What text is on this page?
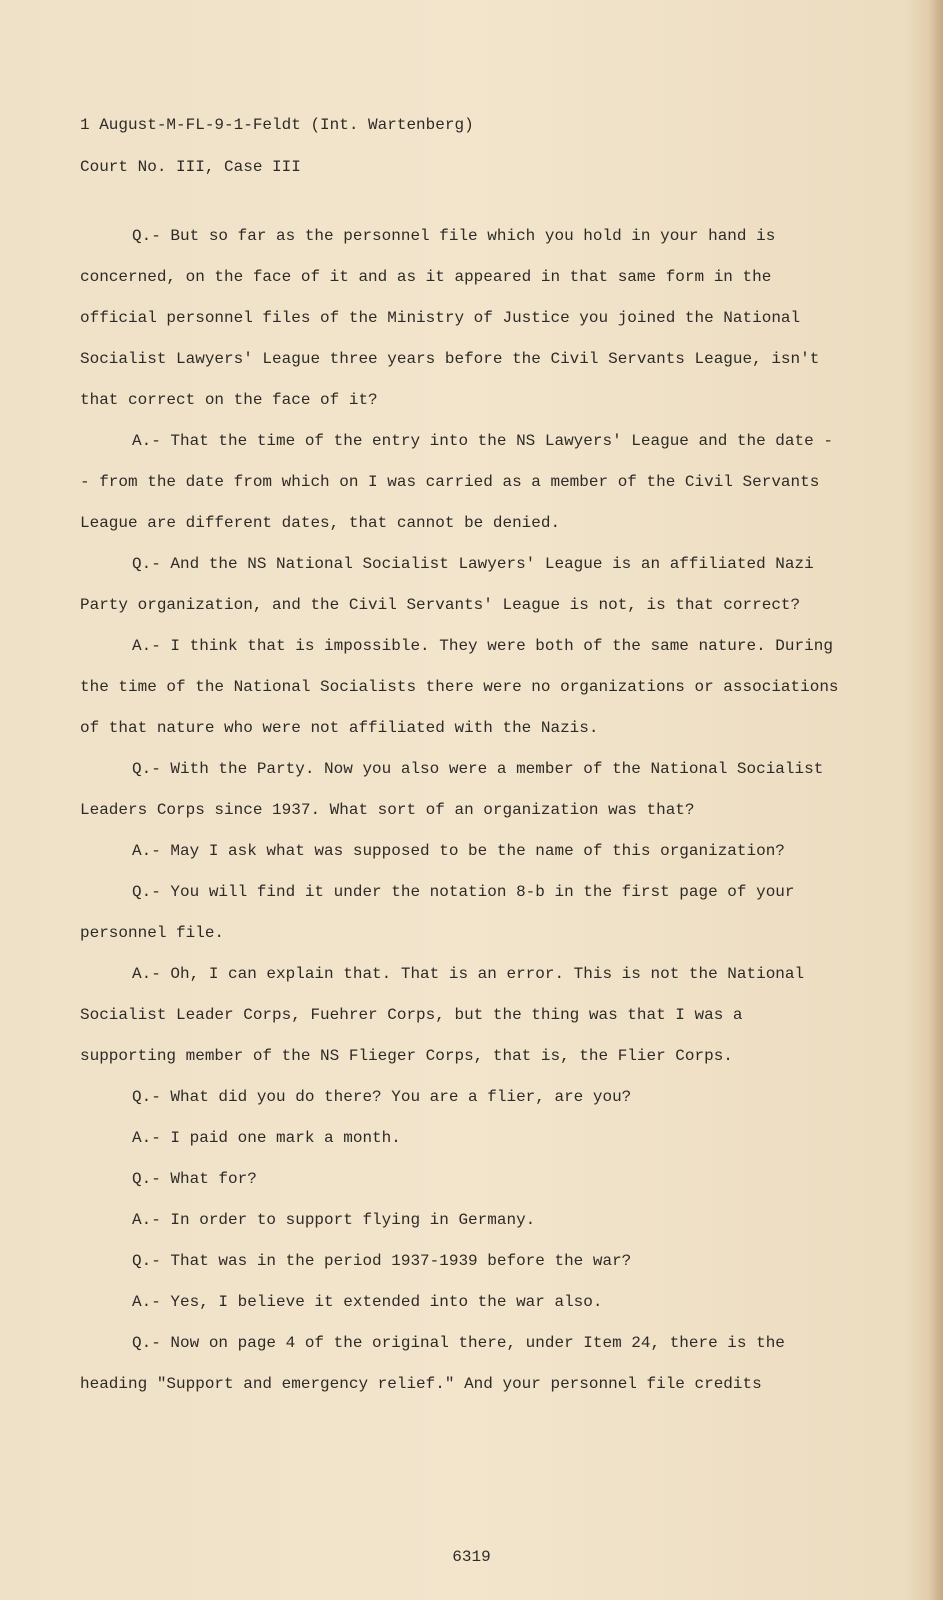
1 August-M-FL-9-1-Feldt (Int. Wartenberg)
Court No. III, Case III

Q.- But so far as the personnel file which you hold in your hand is concerned, on the face of it and as it appeared in that same form in the official personnel files of the Ministry of Justice you joined the National Socialist Lawyers' League three years before the Civil Servants League, isn't that correct on the face of it?

A.- That the time of the entry into the NS Lawyers' League and the date -- from the date from which on I was carried as a member of the Civil Servants League are different dates, that cannot be denied.

Q.- And the NS National Socialist Lawyers' League is an affiliated Nazi Party organization, and the Civil Servants' League is not, is that correct?

A.- I think that is impossible. They were both of the same nature. During the time of the National Socialists there were no organizations or associations of that nature who were not affiliated with the Nazis.

Q.- With the Party. Now you also were a member of the National Socialist Leaders Corps since 1937. What sort of an organization was that?

A.- May I ask what was supposed to be the name of this organization?

Q.- You will find it under the notation 8-b in the first page of your personnel file.

A.- Oh, I can explain that. That is an error. This is not the National Socialist Leader Corps, Fuehrer Corps, but the thing was that I was a supporting member of the NS Flieger Corps, that is, the Flier Corps.

Q.- What did you do there? You are a flier, are you?

A.- I paid one mark a month.

Q.- What for?

A.- In order to support flying in Germany.

Q.- That was in the period 1937-1939 before the war?

A.- Yes, I believe it extended into the war also.

Q.- Now on page 4 of the original there, under Item 24, there is the heading "Support and emergency relief." And your personnel file credits

6319
